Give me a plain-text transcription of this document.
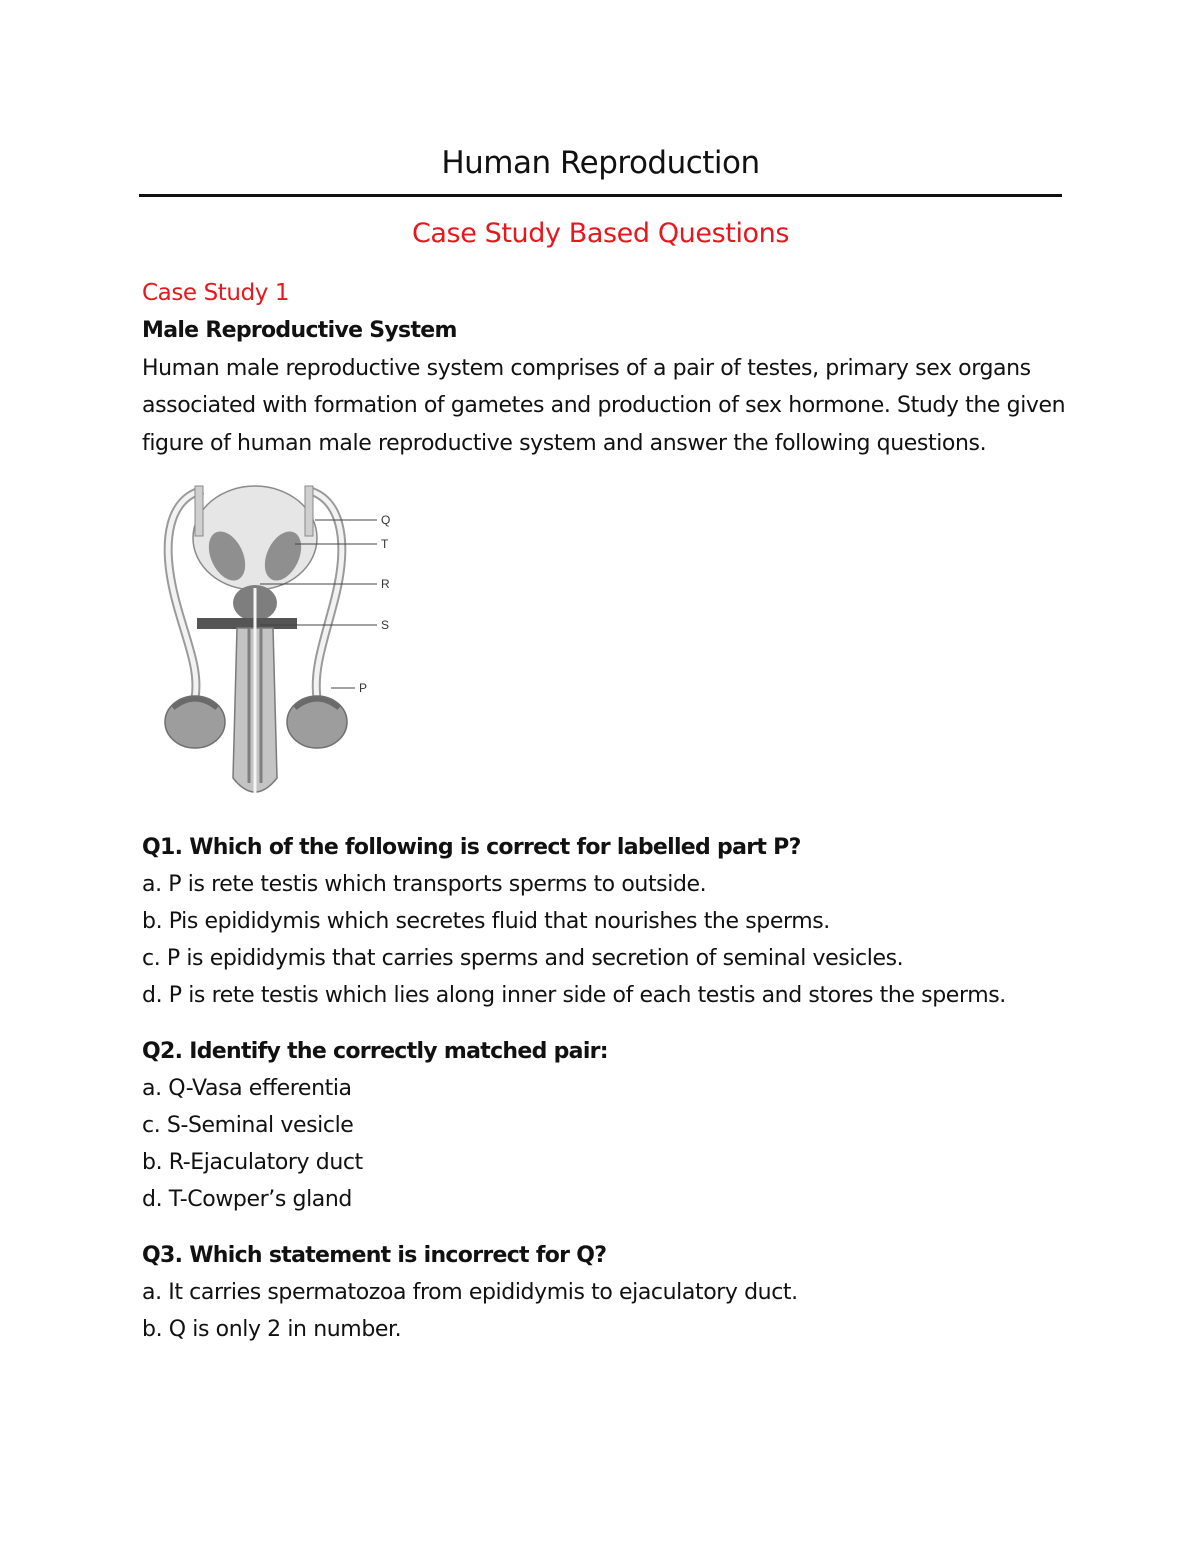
Human Reproduction
Case Study Based Questions
Case Study 1
Male Reproductive System
Human male reproductive system comprises of a pair of testes, primary sex organs
associated with formation of gametes and production of sex hormone. Study the given
figure of human male reproductive system and answer the following questions.
Q
T
R
S
P
Q1. Which of the following is correct for labelled part P?
a. P is rete testis which transports sperms to outside.
b. Pis epididymis which secretes fluid that nourishes the sperms.
c. P is epididymis that carries sperms and secretion of seminal vesicles.
d. P is rete testis which lies along inner side of each testis and stores the sperms.
Q2. Identify the correctly matched pair:
a. Q-Vasa efferentia
c. S-Seminal vesicle
b. R-Ejaculatory duct
d. T-Cowper’s gland
Q3. Which statement is incorrect for Q?
a. It carries spermatozoa from epididymis to ejaculatory duct.
b. Q is only 2 in number.
